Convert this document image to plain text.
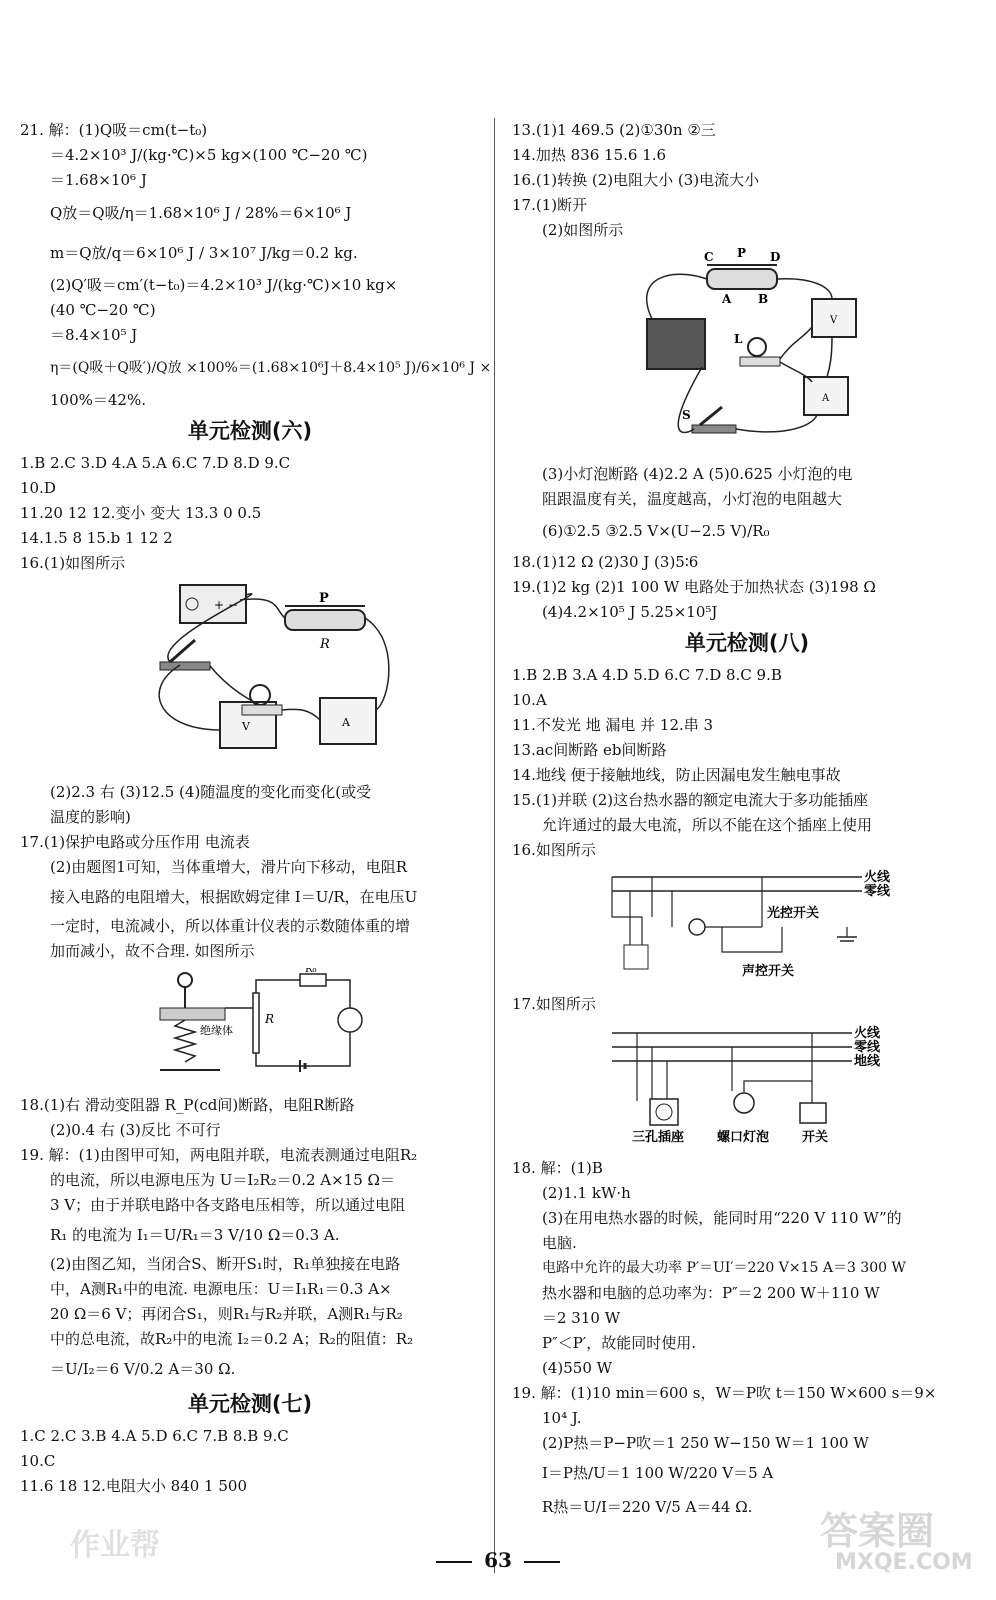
21. 解：(1)Q吸＝cm(t−t₀)
＝4.2×10³ J/(kg·℃)×5 kg×(100 ℃−20 ℃)
＝1.68×10⁶ J
Q放＝Q吸/η＝1.68×10⁶ J / 28%＝6×10⁶ J
m＝Q放/q＝6×10⁶ J / 3×10⁷ J/kg＝0.2 kg.
(2)Q′吸＝cm′(t−t₀)＝4.2×10³ J/(kg·℃)×10 kg×
(40 ℃−20 ℃)
＝8.4×10⁵ J
η＝(Q吸＋Q吸′)/Q放 ×100%＝(1.68×10⁶J＋8.4×10⁵ J)/6×10⁶ J ×
100%＝42%.
单元检测(六)
1.B 2.C 3.D 4.A 5.A 6.C 7.D 8.D 9.C
10.D
11.20 12 12.变小 变大 13.3 0 0.5
14.1.5 8 15.b 1 12 2
16.(1)如图所示
+ −	P
R
V	A
(2)2.3 右 (3)12.5 (4)随温度的变化而变化(或受
温度的影响)
17.(1)保护电路或分压作用 电流表
(2)由题图1可知，当体重增大，滑片向下移动，电阻R
接入电路的电阻增大，根据欧姆定律 I＝U/R，在电压U
一定时，电流减小，所以体重计仪表的示数随体重的增
加而减小，故不合理. 如图所示
绝缘体
R
R₀
18.(1)右 滑动变阻器 R_P(cd间)断路，电阻R断路
(2)0.4 右 (3)反比 不可行
19. 解：(1)由图甲可知，两电阻并联，电流表测通过电阻R₂
的电流，所以电源电压为 U＝I₂R₂＝0.2 A×15 Ω＝
3 V；由于并联电路中各支路电压相等，所以通过电阻
R₁ 的电流为 I₁＝U/R₁＝3 V/10 Ω＝0.3 A.
(2)由图乙知，当闭合S、断开S₁时，R₁单独接在电路
中，A测R₁中的电流. 电源电压：U＝I₁R₁＝0.3 A×
20 Ω＝6 V；再闭合S₁，则R₁与R₂并联，A测R₁与R₂
中的总电流，故R₂中的电流 I₂＝0.2 A；R₂的阻值：R₂
＝U/I₂＝6 V/0.2 A＝30 Ω.
单元检测(七)
1.C 2.C 3.B 4.A 5.D 6.C 7.B 8.B 9.C
10.C
11.6 18 12.电阻大小 840 1 500
13.(1)1 469.5 (2)①30n ②三
14.加热 836 15.6 1.6
16.(1)转换 (2)电阻大小 (3)电流大小
17.(1)断开
(2)如图所示
C P D
A B
V
L
A
S
(3)小灯泡断路 (4)2.2 A (5)0.625 小灯泡的电
阻跟温度有关，温度越高，小灯泡的电阻越大
(6)①2.5 ③2.5 V×(U−2.5 V)/R₀
18.(1)12 Ω (2)30 J (3)5∶6
19.(1)2 kg (2)1 100 W 电路处于加热状态 (3)198 Ω
(4)4.2×10⁵ J 5.25×10⁵J
单元检测(八)
1.B 2.B 3.A 4.D 5.D 6.C 7.D 8.C 9.B
10.A
11.不发光 地 漏电 并 12.串 3
13.ac间断路 eb间断路
14.地线 便于接触地线，防止因漏电发生触电事故
15.(1)并联 (2)这台热水器的额定电流大于多功能插座
允许通过的最大电流，所以不能在这个插座上使用
16.如图所示
火线
零线
光控开关
声控开关
17.如图所示
火线
零线
地线
三孔插座	螺口灯泡	开关
18. 解：(1)B
(2)1.1 kW·h
(3)在用电热水器的时候，能同时用“220 V 110 W”的
电脑.
电路中允许的最大功率 P′＝UI′＝220 V×15 A＝3 300 W
热水器和电脑的总功率为：P″＝2 200 W＋110 W
＝2 310 W
P″＜P′，故能同时使用.
(4)550 W
19. 解：(1)10 min＝600 s，W＝P吹 t＝150 W×600 s＝9×
10⁴ J.
(2)P热＝P−P吹＝1 250 W−150 W＝1 100 W
I＝P热/U＝1 100 W/220 V＝5 A
R热＝U/I＝220 V/5 A＝44 Ω.
作业帮	答案圈
MXQE.COM
63
